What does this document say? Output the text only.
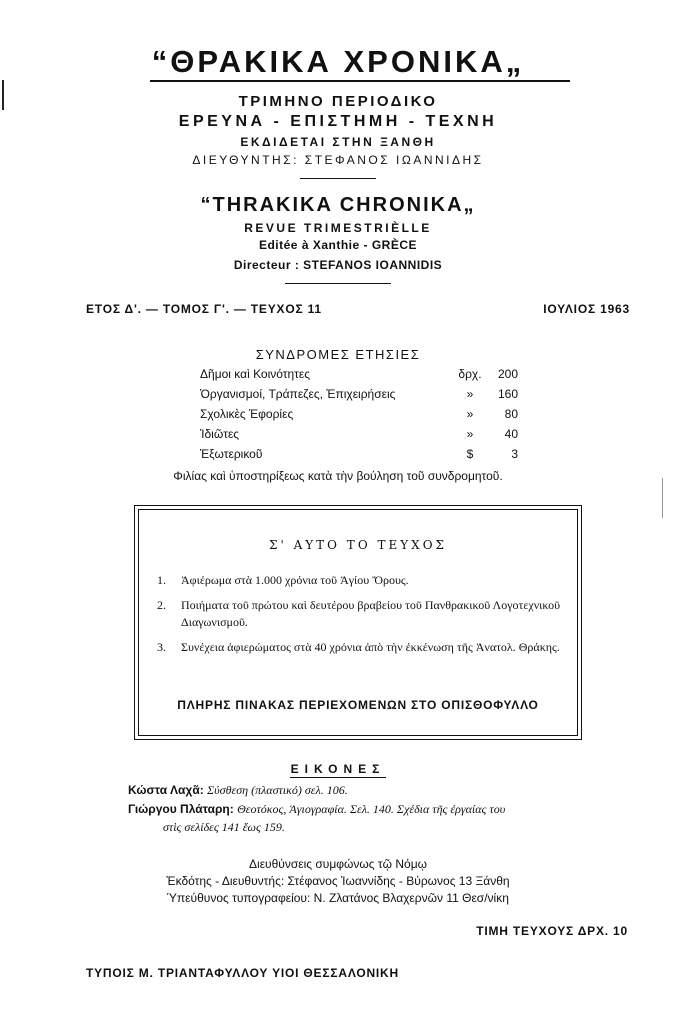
“ΘΡΑΚΙΚΑ ΧΡΟΝΙΚΑ„
ΤΡΙΜΗΝΟ ΠΕΡΙΟΔΙΚΟ
ΕΡΕΥΝΑ - ΕΠΙΣΤΗΜΗ - ΤΕΧΝΗ
ΕΚΔΙΔΕΤΑΙ ΣΤΗΝ ΞΑΝΘΗ
ΔΙΕΥΘΥΝΤΗΣ: ΣΤΕΦΑΝΟΣ ΙΩΑΝΝΙΔΗΣ
“THRAKIKA CHRONIKA„
REVUE TRIMESTRIÈLLE
Editée à Xanthie - GRÈCE
Directeur : STEFANOS IOANNIDIS
ΕΤΟΣ Δ'. — ΤΟΜΟΣ Γ'. — ΤΕΥΧΟΣ 11	ΙΟΥΛΙΟΣ 1963
ΣΥΝΔΡΟΜΕΣ ΕΤΗΣΙΕΣ
Δῆμοι καὶ Κοινότητες	δρχ. 200
Ὀργανισμοί, Τράπεζες, Ἐπιχειρήσεις	»	160
Σχολικὲς Ἐφορίες	»	80
Ἰδιῶτες	»	40
Ἐξωτερικοῦ	$	3
Φιλίας καὶ ὑποστηρίξεως κατὰ τὴν βούληση τοῦ συνδρομητοῦ.
Σ' ΑΥΤΟ ΤΟ ΤΕΥΧΟΣ
1. Ἀφιέρωμα στὰ 1.000 χρόνια τοῦ Ἁγίου Ὄρους.
2. Ποιήματα τοῦ πρώτου καὶ δευτέρου βραβείου τοῦ Πανθρακικοῦ Λογοτεχνικοῦ Διαγωνισμοῦ.
3. Συνέχεια ἀφιερώματος στὰ 40 χρόνια ἀπὸ τὴν ἐκκένωση τῆς Ἀνατολ. Θράκης.
ΠΛΗΡΗΣ ΠΙΝΑΚΑΣ ΠΕΡΙΕΧΟΜΕΝΩΝ ΣΤΟ ΟΠΙΣΘΟΦΥΛΛΟ
ΕΙΚΟΝΕΣ
Κώστα Λαχᾶ: Σύσθεση (πλαστικό) σελ. 106.
Γιώργου Πλάταρη: Θεοτόκος, Ἁγιογραφία. Σελ. 140. Σχέδια τῆς ἐργαίας του
στὶς σελίδες 141 ἕως 159.
Διευθύνσεις συμφώνως τῷ Νόμῳ
Ἐκδότης - Διευθυντής: Στέφανος Ἰωαννίδης - Βύρωνος 13 Ξάνθη
Ὑπεύθυνος τυπογραφείου: Ν. Ζλατάνος Βλαχερνῶν 11 Θεσ/νίκη
ΤΙΜΗ ΤΕΥΧΟΥΣ ΔΡΧ. 10
ΤΥΠΟΙΣ Μ. ΤΡΙΑΝΤΑΦΥΛΛΟΥ ΥΙΟΙ ΘΕΣΣΑΛΟΝΙΚΗ
